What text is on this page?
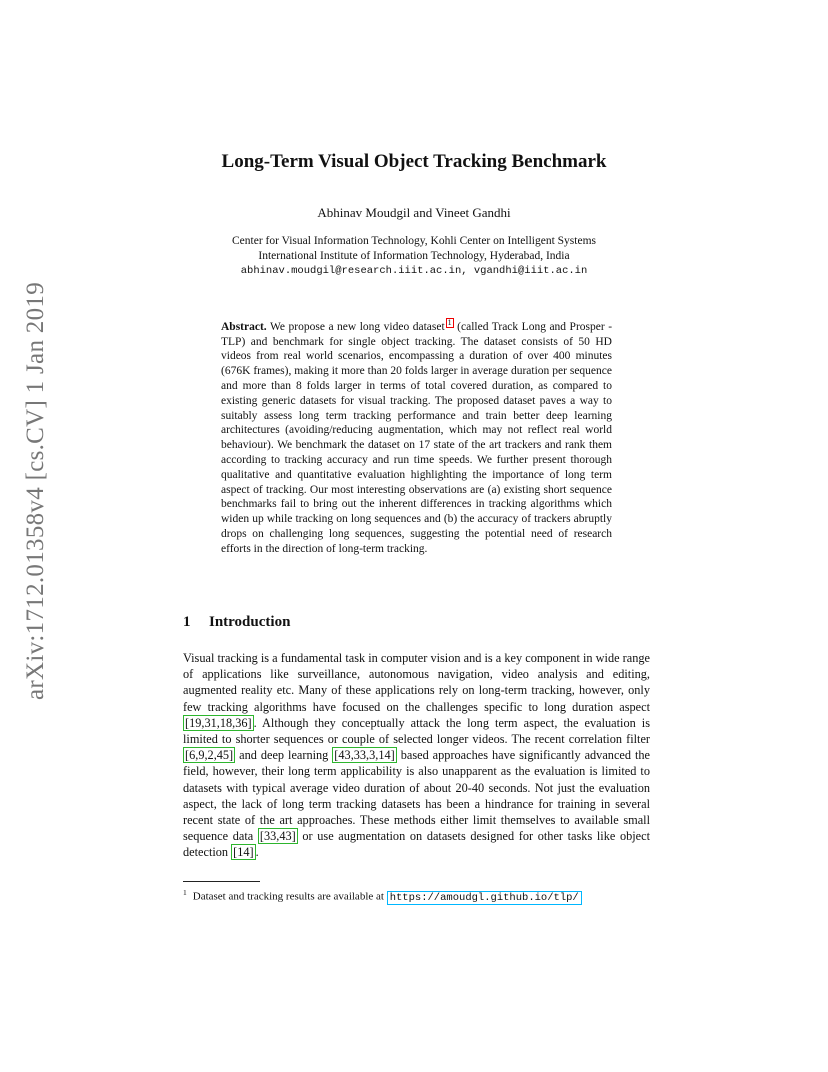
arXiv:1712.01358v4 [cs.CV] 1 Jan 2019
Long-Term Visual Object Tracking Benchmark
Abhinav Moudgil and Vineet Gandhi
Center for Visual Information Technology, Kohli Center on Intelligent Systems
International Institute of Information Technology, Hyderabad, India
abhinav.moudgil@research.iiit.ac.in, vgandhi@iiit.ac.in
Abstract. We propose a new long video dataset 1 (called Track Long and Prosper - TLP) and benchmark for single object tracking. The dataset consists of 50 HD videos from real world scenarios, encompassing a duration of over 400 minutes (676K frames), making it more than 20 folds larger in average duration per sequence and more than 8 folds larger in terms of total covered duration, as compared to existing generic datasets for visual tracking. The proposed dataset paves a way to suitably assess long term tracking performance and train better deep learning architectures (avoiding/reducing augmentation, which may not reflect real world behaviour). We benchmark the dataset on 17 state of the art trackers and rank them according to tracking accuracy and run time speeds. We further present thorough qualitative and quantitative evaluation highlighting the importance of long term aspect of tracking. Our most interesting observations are (a) existing short sequence benchmarks fail to bring out the inherent differences in tracking algorithms which widen up while tracking on long sequences and (b) the accuracy of trackers abruptly drops on challenging long sequences, suggesting the potential need of research efforts in the direction of long-term tracking.
1 Introduction
Visual tracking is a fundamental task in computer vision and is a key component in wide range of applications like surveillance, autonomous navigation, video analysis and editing, augmented reality etc. Many of these applications rely on long-term tracking, however, only few tracking algorithms have focused on the challenges specific to long duration aspect [19,31,18,36] . Although they conceptually attack the long term aspect, the evaluation is limited to shorter sequences or couple of selected longer videos. The recent correlation filter [6,9,2,45] and deep learning [43,33,3,14] based approaches have significantly advanced the field, however, their long term applicability is also unapparent as the evaluation is limited to datasets with typical average video duration of about 20-40 seconds. Not just the evaluation aspect, the lack of long term tracking datasets has been a hindrance for training in several recent state of the art approaches. These methods either limit themselves to available small sequence data [33,43] or use augmentation on datasets designed for other tasks like object detection [14] .
$^1$ Dataset and tracking results are available at https://amoudgl.github.io/tlp/
